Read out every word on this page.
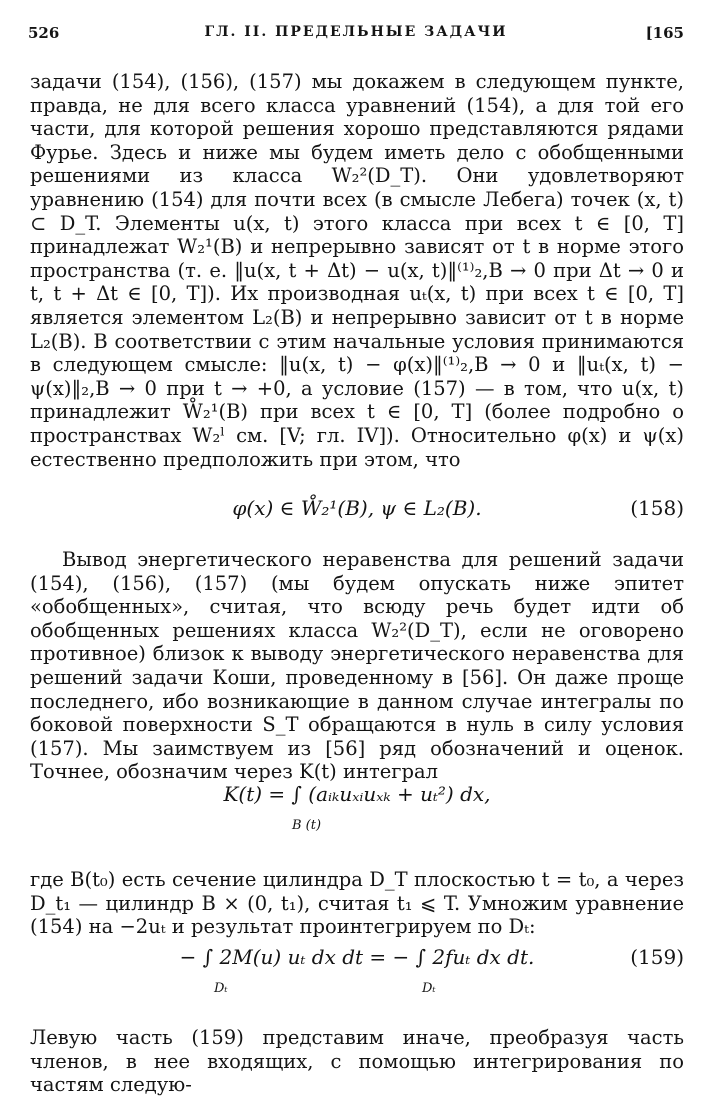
526	ГЛ. II. ПРЕДЕЛЬНЫЕ ЗАДАЧИ	[165
задачи (154), (156), (157) мы докажем в следующем пункте, правда, не для всего класса уравнений (154), а для той его части, для которой решения хорошо представляются рядами Фурье. Здесь и ниже мы будем иметь дело с обобщенными решениями из класса W₂²(D_T). Они удовлетворяют уравнению (154) для почти всех (в смысле Лебега) точек (x, t) ⊂ D_T. Элементы u(x, t) этого класса при всех t ∈ [0, T] принадлежат W₂¹(B) и непрерывно зависят от t в норме этого пространства (т. е. ‖u(x, t + Δt) − u(x, t)‖⁽¹⁾₂,B → 0 при Δt → 0 и t, t + Δt ∈ [0, T]). Их производная uₜ(x, t) при всех t ∈ [0, T] является элементом L₂(B) и непрерывно зависит от t в норме L₂(B). В соответствии с этим начальные условия принимаются в следующем смысле: ‖u(x, t) − φ(x)‖⁽¹⁾₂,B → 0 и ‖uₜ(x, t) − ψ(x)‖₂,B → 0 при t → +0, а условие (157) — в том, что u(x, t) принадлежит W̊₂¹(B) при всех t ∈ [0, T] (более подробно о пространствах W₂ˡ см. [V; гл. IV]). Относительно φ(x) и ψ(x) естественно предположить при этом, что
φ(x) ∈ W̊₂¹(B), ψ ∈ L₂(B).	(158)
Вывод энергетического неравенства для решений задачи (154), (156), (157) (мы будем опускать ниже эпитет «обобщенных», считая, что всюду речь будет идти об обобщенных решениях класса W₂²(D_T), если не оговорено противное) близок к выводу энергетического неравенства для решений задачи Коши, проведенному в [56]. Он даже проще последнего, ибо возникающие в данном случае интегралы по боковой поверхности S_T обращаются в нуль в силу условия (157). Мы заимствуем из [56] ряд обозначений и оценок. Точнее, обозначим через K(t) интеграл
K(t) = ∫ (aᵢₖuₓᵢuₓₖ + uₜ²) dx,
B (t)
где B(t₀) есть сечение цилиндра D_T плоскостью t = t₀, а через D_t₁ — цилиндр B × (0, t₁), считая t₁ ⩽ T. Умножим уравнение (154) на −2uₜ и результат проинтегрируем по Dₜ:
− ∫ 2M(u) uₜ dx dt = − ∫ 2fuₜ dx dt.
Dₜ	Dₜ
(159)
Левую часть (159) представим иначе, преобразуя часть членов, в нее входящих, с помощью интегрирования по частям следую-
